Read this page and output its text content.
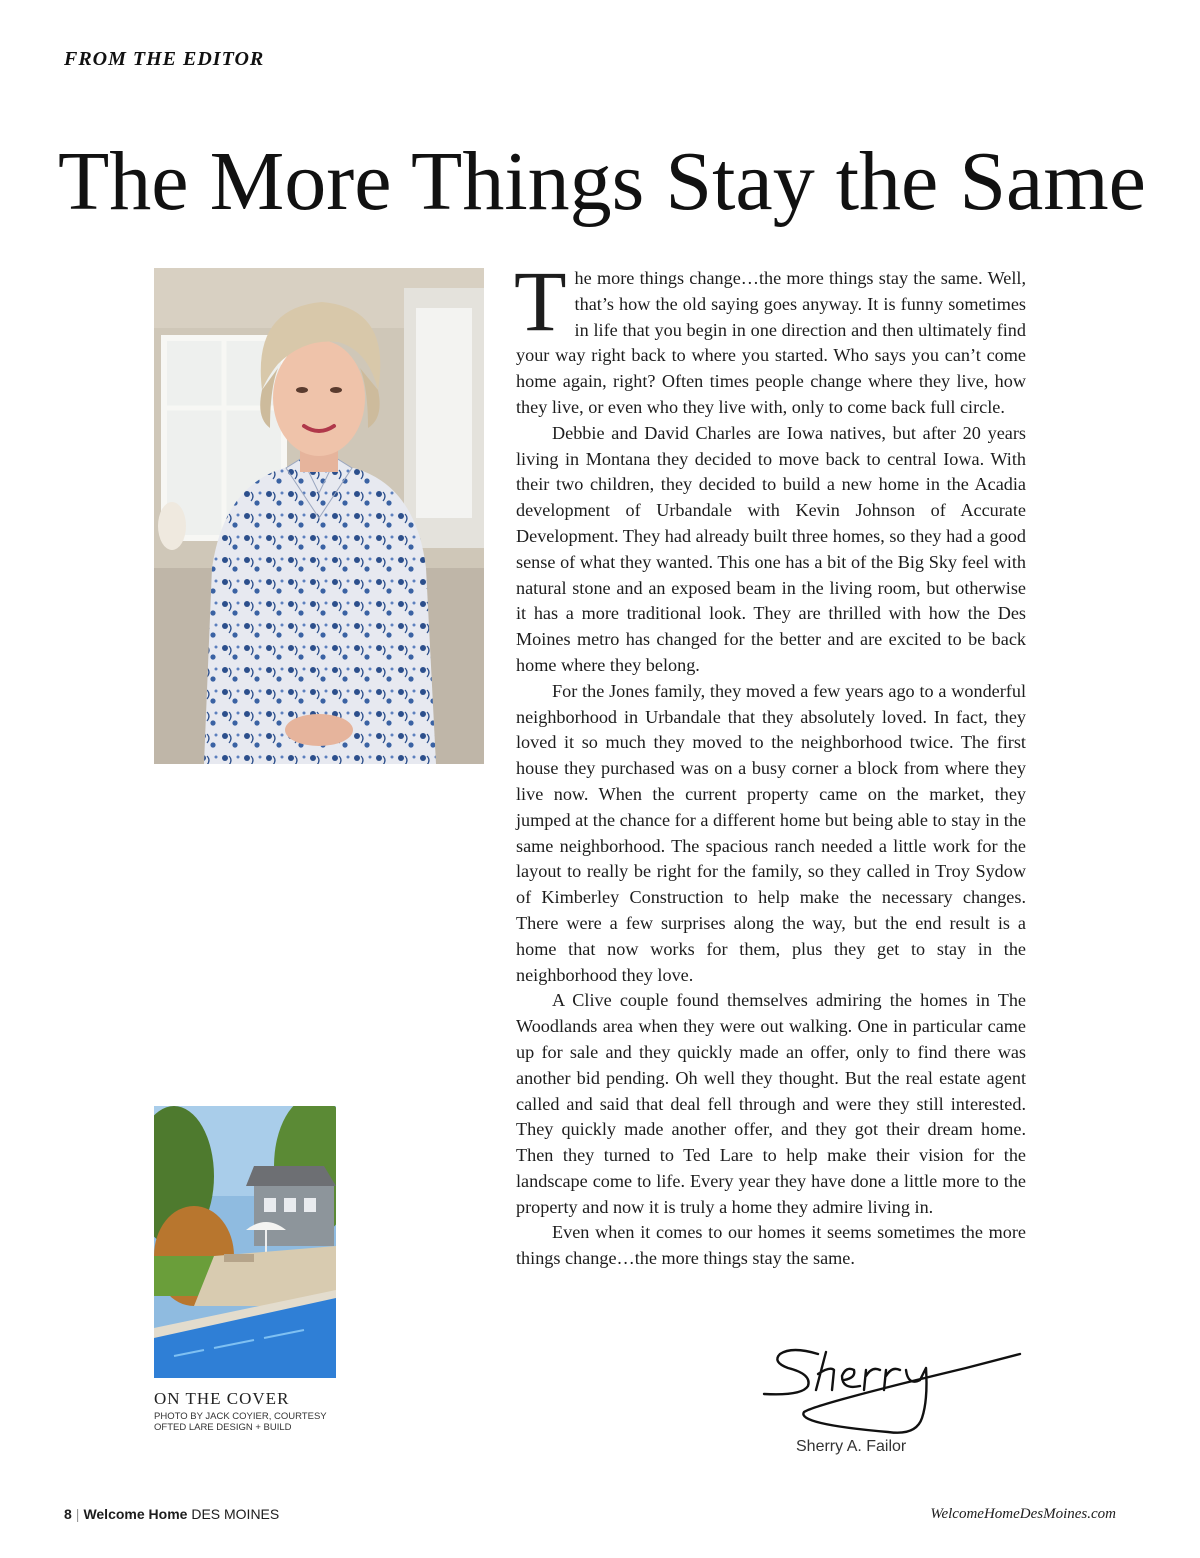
FROM THE EDITOR
The More Things Stay the Same
ON THE COVER
PHOTO BY JACK COYIER, COURTESY OFTED LARE DESIGN + BUILD

The more things change…the more things stay the same. Well, that’s how the old saying goes anyway. It is funny sometimes in life that you begin in one direction and then ultimately find your way right back to where you started. Who says you can’t come home again, right? Often times people change where they live, how they live, or even who they live with, only to come back full circle.

Debbie and David Charles are Iowa natives, but after 20 years living in Montana they decided to move back to central Iowa. With their two children, they decided to build a new home in the Acadia development of Urbandale with Kevin Johnson of Accurate Development. They had already built three homes, so they had a good sense of what they wanted. This one has a bit of the Big Sky feel with natural stone and an exposed beam in the living room, but otherwise it has a more traditional look. They are thrilled with how the Des Moines metro has changed for the better and are excited to be back home where they belong.

For the Jones family, they moved a few years ago to a wonderful neighborhood in Urbandale that they absolutely loved. In fact, they loved it so much they moved to the neighborhood twice. The first house they purchased was on a busy corner a block from where they live now. When the current property came on the market, they jumped at the chance for a different home but being able to stay in the same neighborhood. The spacious ranch needed a little work for the layout to really be right for the family, so they called in Troy Sydow of Kimberley Construction to help make the necessary changes. There were a few surprises along the way, but the end result is a home that now works for them, plus they get to stay in the neighborhood they love.

A Clive couple found themselves admiring the homes in The Woodlands area when they were out walking. One in particular came up for sale and they quickly made an offer, only to find there was another bid pending. Oh well they thought. But the real estate agent called and said that deal fell through and were they still interested. They quickly made another offer, and they got their dream home. Then they turned to Ted Lare to help make their vision for the landscape come to life. Every year they have done a little more to the property and now it is truly a home they admire living in.

Even when it comes to our homes it seems sometimes the more things change…the more things stay the same.

Sherry A. Failor
8 | Welcome Home DES MOINES	WelcomeHomeDesMoines.com
